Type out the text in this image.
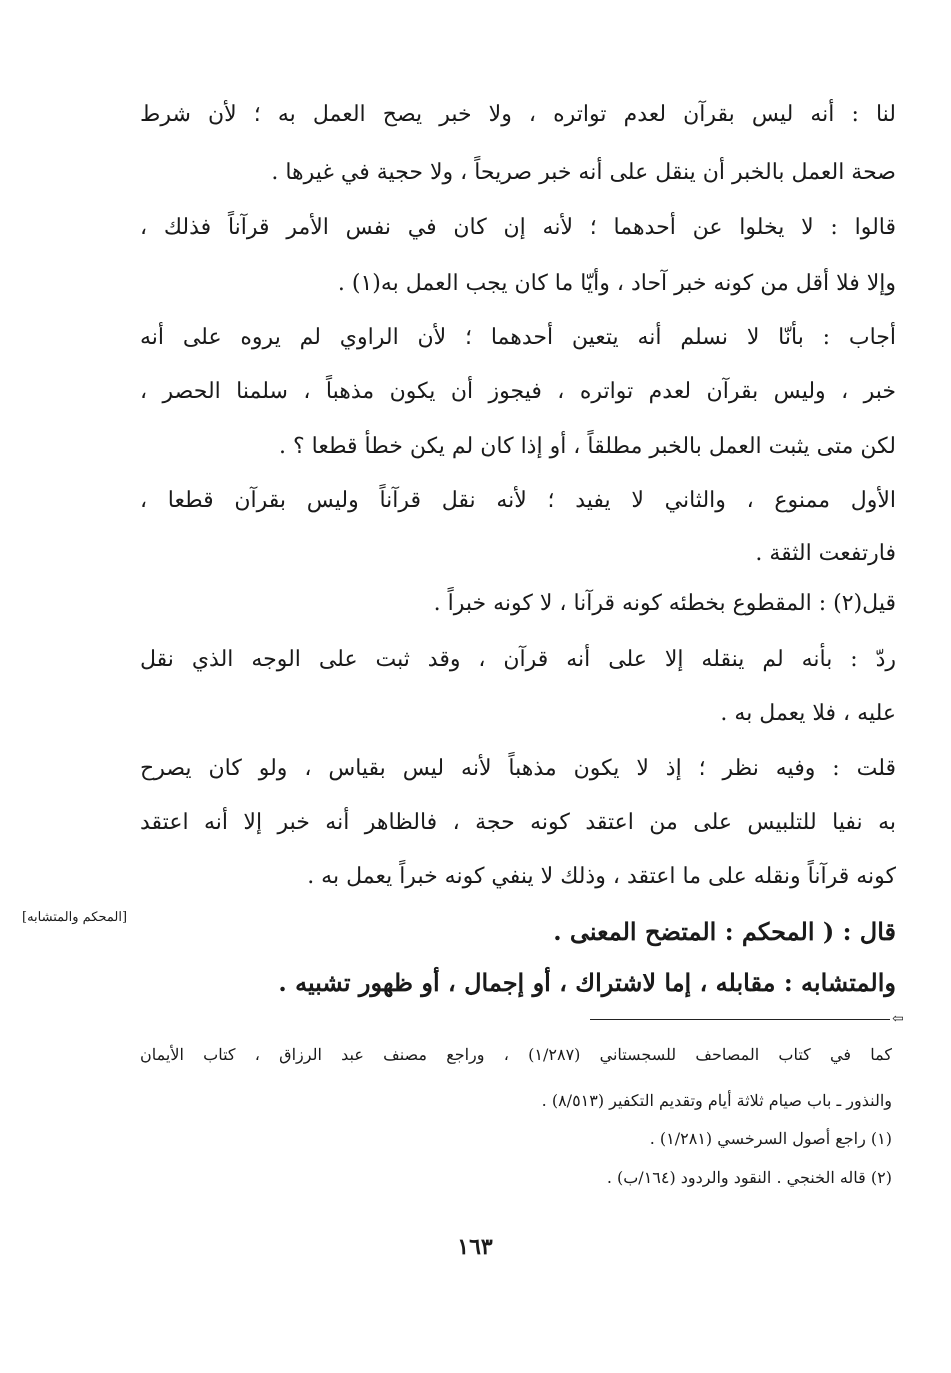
لنا : أنه ليس بقرآن لعدم تواتره ، ولا خبر يصح العمل به ؛ لأن شرط
صحة العمل بالخبر أن ينقل على أنه خبر صريحاً ، ولا حجية في غيرها .
قالوا : لا يخلوا عن أحدهما ؛ لأنه إن كان في نفس الأمر قرآناً فذلك ،
وإلا فلا أقل من كونه خبر آحاد ، وأيّا ما كان يجب العمل به(١) .
أجاب : بأنّا لا نسلم أنه يتعين أحدهما ؛ لأن الراوي لم يروه على أنه
خبر ، وليس بقرآن لعدم تواتره ، فيجوز أن يكون مذهباً ، سلمنا الحصر ،
لكن متى يثبت العمل بالخبر مطلقاً ، أو إذا كان لم يكن خطأ قطعا ؟ .
الأول ممنوع ، والثاني لا يفيد ؛ لأنه نقل قرآناً وليس بقرآن قطعا ،
فارتفعت الثقة .
قيل(٢) : المقطوع بخطئه كونه قرآنا ، لا كونه خبراً .
ردّ : بأنه لم ينقله إلا على أنه قرآن ، وقد ثبت على الوجه الذي نقل
عليه ، فلا يعمل به .
قلت : وفيه نظر ؛ إذ لا يكون مذهباً لأنه ليس بقياس ، ولو كان يصرح
به نفيا للتلبيس على من اعتقد كونه حجة ، فالظاهر أنه خبر إلا أنه اعتقد
كونه قرآناً ونقله على ما اعتقد ، وذلك لا ينفي كونه خبراً يعمل به .
[المحكم والمتشابه]	قال : ( المحكم : المتضح المعنى .
والمتشابه : مقابله ، إما لاشتراك ، أو إجمال ، أو ظهور تشبيه .
⇦
كما في كتاب المصاحف للسجستاني (١/٢٨٧) ، وراجع مصنف عبد الرزاق ، كتاب الأيمان
والنذور ـ باب صيام ثلاثة أيام وتقديم التكفير (٨/٥١٣) .
(١) راجع أصول السرخسي (١/٢٨١) .
(٢) قاله الخنجي . النقود والردود (١٦٤/ب) .
١٦٣
